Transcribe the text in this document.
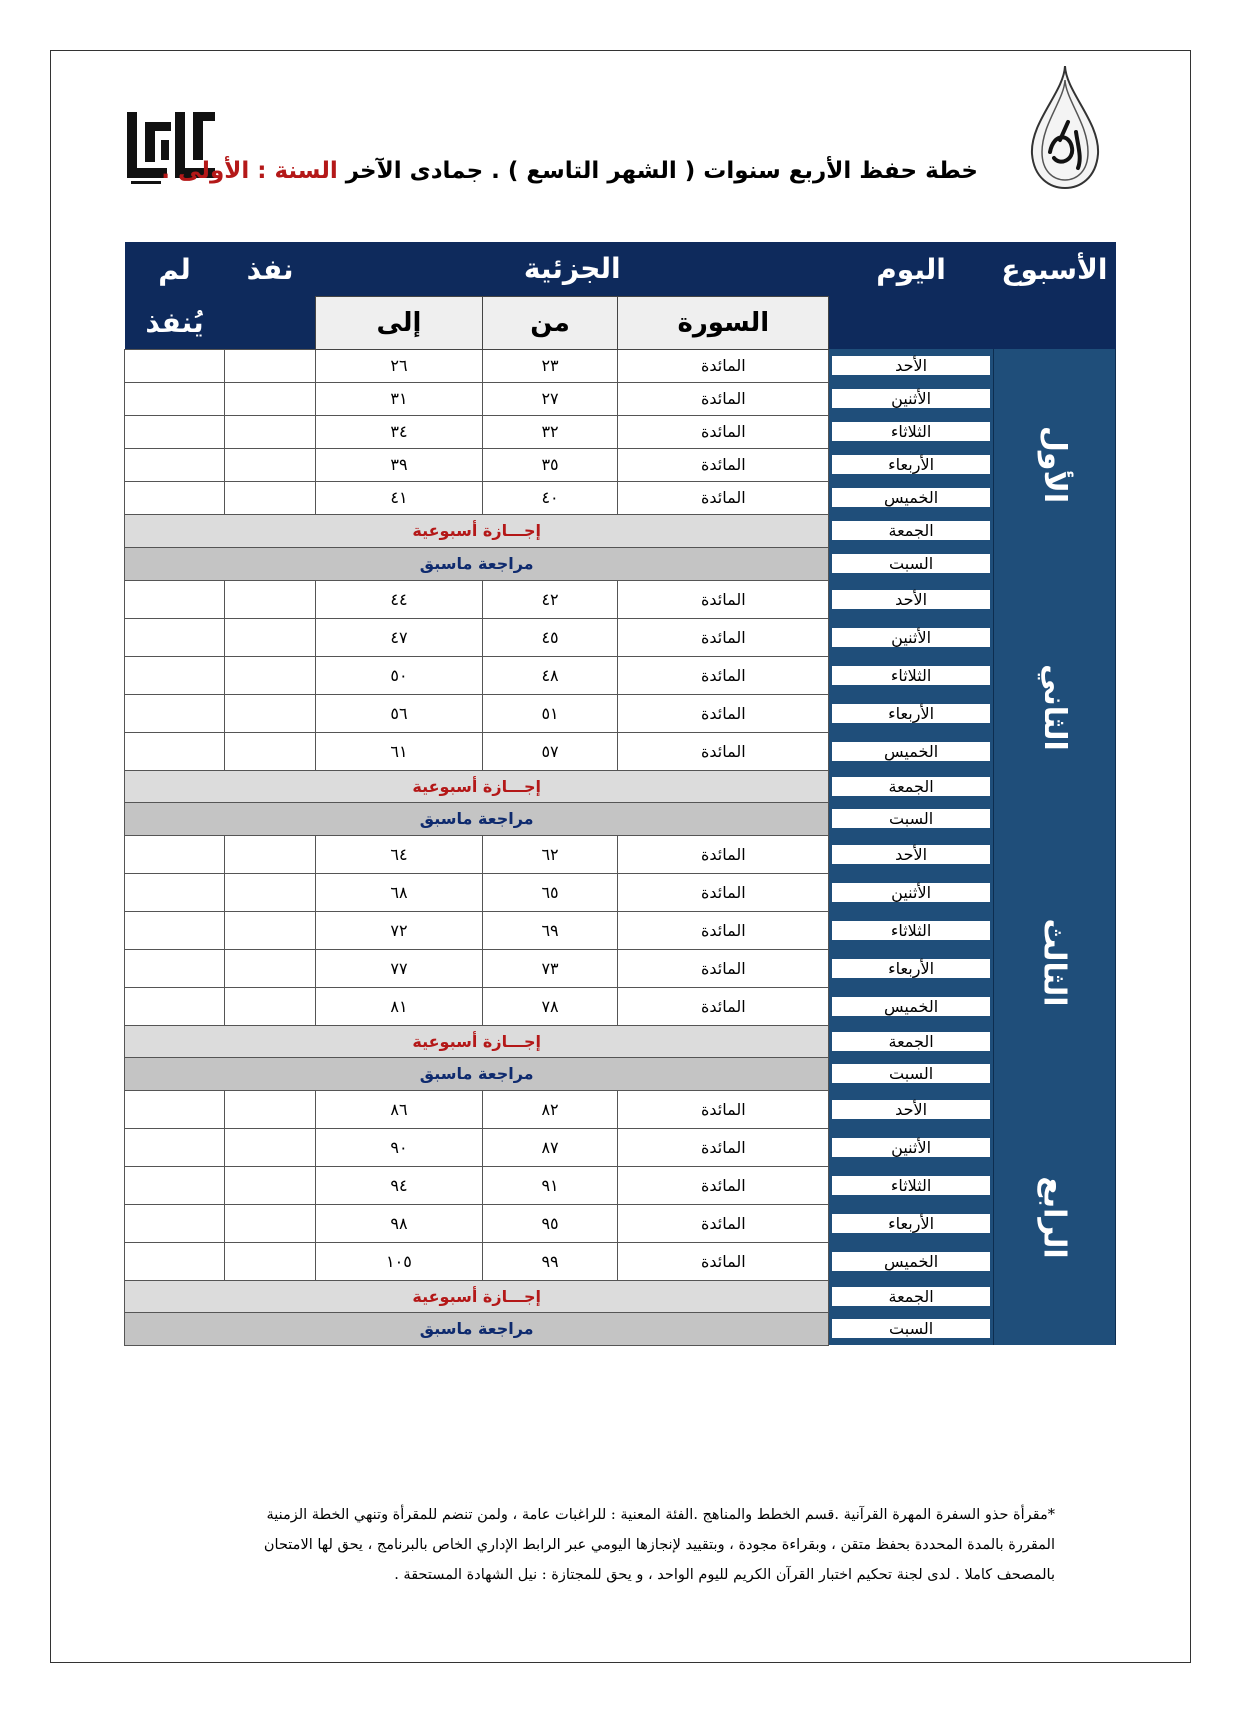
خطة حفظ الأربع سنوات ( الشهر التاسع ) . جمادى الآخر السنة : الأولى .
الأسبوع	اليوم	الجزئية			نفذ	لم
		السورة	من	إلى		يُنفذ
الأول	الأحد	المائدة	٢٣	٢٦		

الأثنين	المائدة	٢٧	٣١		

الثلاثاء	المائدة	٣٢	٣٤		

الأربعاء	المائدة	٣٥	٣٩		

الخميس	المائدة	٤٠	٤١		

الجمعة	إجـــازة أسبوعية				

السبت	مراجعة ماسبق				
الثاني	الأحد	المائدة	٤٢	٤٤		

الأثنين	المائدة	٤٥	٤٧		

الثلاثاء	المائدة	٤٨	٥٠		

الأربعاء	المائدة	٥١	٥٦		

الخميس	المائدة	٥٧	٦١		

الجمعة	إجـــازة أسبوعية				

السبت	مراجعة ماسبق				
الثالث	الأحد	المائدة	٦٢	٦٤		

الأثنين	المائدة	٦٥	٦٨		

الثلاثاء	المائدة	٦٩	٧٢		

الأربعاء	المائدة	٧٣	٧٧		

الخميس	المائدة	٧٨	٨١		

الجمعة	إجـــازة أسبوعية				

السبت	مراجعة ماسبق				
الرابع	الأحد	المائدة	٨٢	٨٦		

الأثنين	المائدة	٨٧	٩٠		

الثلاثاء	المائدة	٩١	٩٤		

الأربعاء	المائدة	٩٥	٩٨		

الخميس	المائدة	٩٩	١٠٥		

الجمعة	إجـــازة أسبوعية				

السبت	مراجعة ماسبق				
*مقرأة حذو السفرة المهرة القرآنية .قسم الخطط والمناهج .الفئة المعنية : للراغبات عامة ، ولمن تنضم للمقرأة وتنهي الخطة الزمنية
المقررة بالمدة المحددة بحفظ متقن ، وبقراءة مجودة ، وبتقييد لإنجازها اليومي عبر الرابط الإداري الخاص بالبرنامج ، يحق لها الامتحان
بالمصحف كاملا . لدى لجنة تحكيم اختبار القرآن الكريم لليوم الواحد ، و يحق للمجتازة : نيل الشهادة المستحقة .
